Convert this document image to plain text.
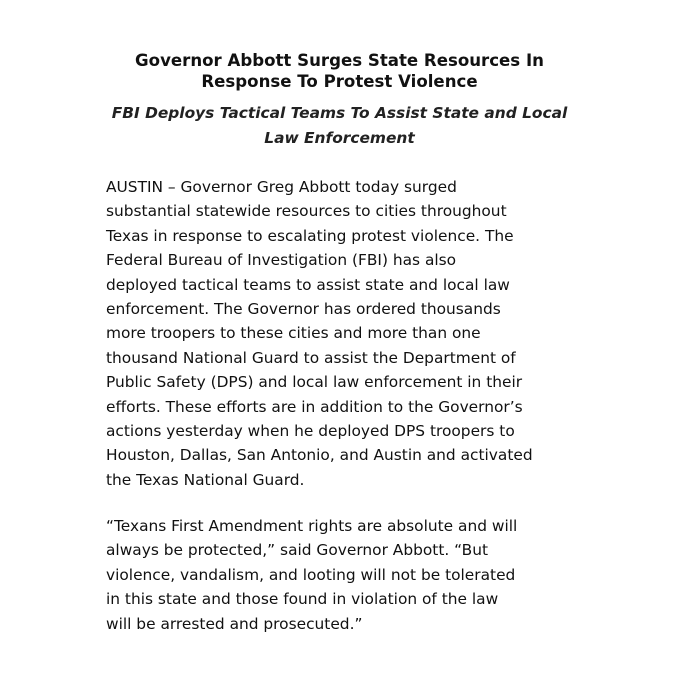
Governor Abbott Surges State Resources In
Response To Protest Violence
FBI Deploys Tactical Teams To Assist State and Local
Law Enforcement

AUSTIN – Governor Greg Abbott today surged
substantial statewide resources to cities throughout
Texas in response to escalating protest violence. The
Federal Bureau of Investigation (FBI) has also
deployed tactical teams to assist state and local law
enforcement. The Governor has ordered thousands
more troopers to these cities and more than one
thousand National Guard to assist the Department of
Public Safety (DPS) and local law enforcement in their
efforts. These efforts are in addition to the Governor’s
actions yesterday when he deployed DPS troopers to
Houston, Dallas, San Antonio, and Austin and activated
the Texas National Guard.

“Texans First Amendment rights are absolute and will
always be protected,” said Governor Abbott. “But
violence, vandalism, and looting will not be tolerated
in this state and those found in violation of the law
will be arrested and prosecuted.”
